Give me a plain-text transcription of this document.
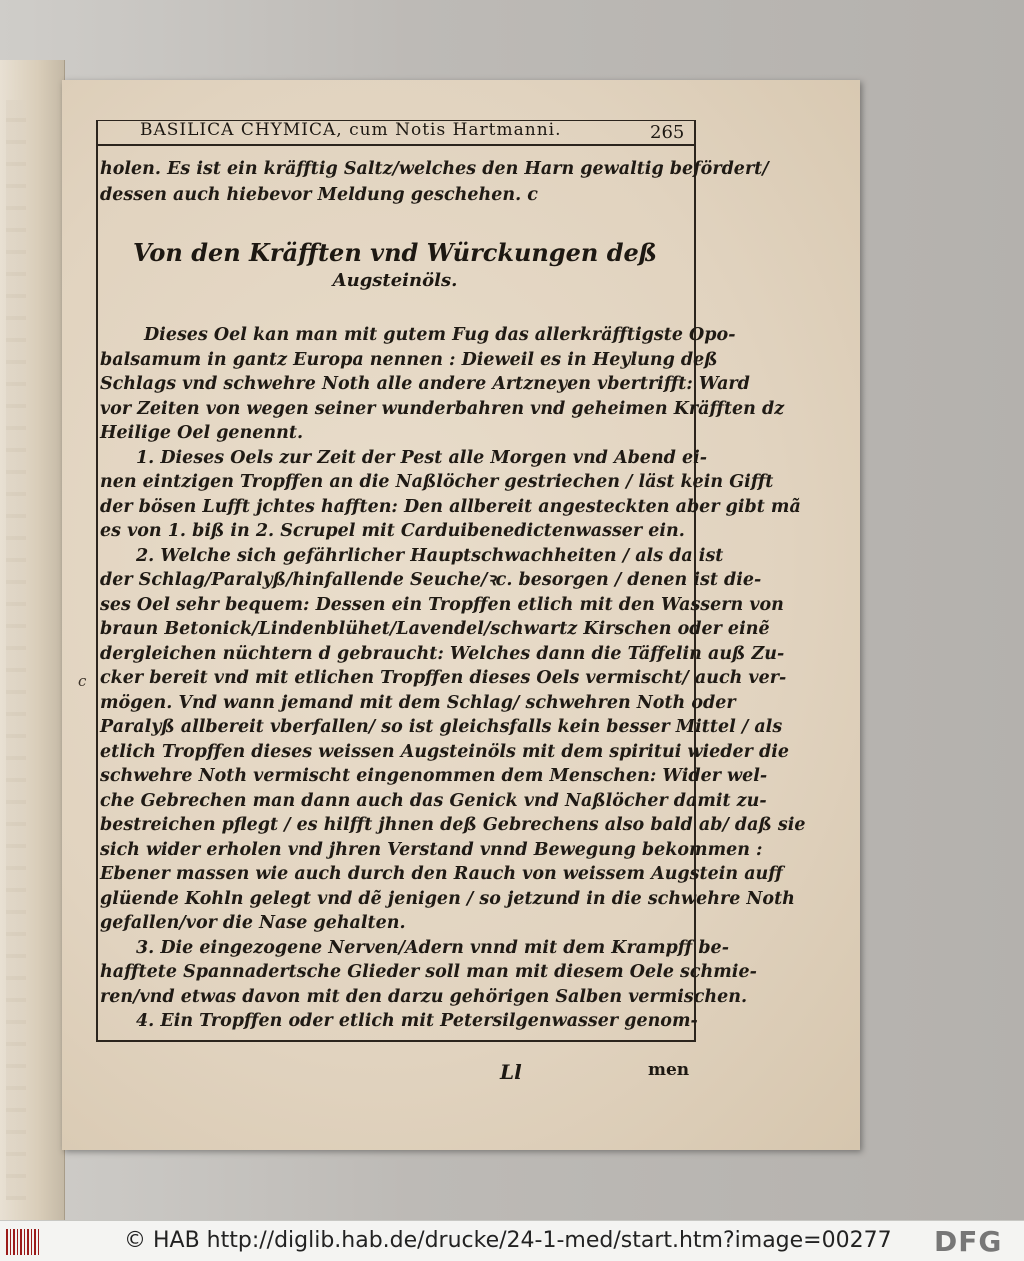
BASILICA CHYMICA, cum Notis Hartmanni.	265
holen. Es ist ein kräfftig Saltz/welches den Harn gewaltig befördert/
dessen auch hiebevor Meldung geschehen. c
Von den Kräfften vnd Würckungen deß
Augsteinöls.
Dieses Oel kan man mit gutem Fug das allerkräfftigste Opo-
balsamum in gantz Europa nennen : Dieweil es in Heylung deß
Schlags vnd schwehre Noth alle andere Artzneyen vbertrifft: Ward
vor Zeiten von wegen seiner wunderbahren vnd geheimen Kräfften dz
Heilige Oel genennt.
1. Dieses Oels zur Zeit der Pest alle Morgen vnd Abend ei-
nen eintzigen Tropffen an die Naßlöcher gestriechen / läst kein Gifft
der bösen Lufft jchtes hafften: Den allbereit angesteckten aber gibt mã
es von 1. biß in 2. Scrupel mit Carduibenedictenwasser ein.
2. Welche sich gefährlicher Hauptschwachheiten / als da ist
der Schlag/Paralyß/hinfallende Seuche/ꝛc. besorgen / denen ist die-
ses Oel sehr bequem: Dessen ein Tropffen etlich mit den Wassern von
braun Betonick/Lindenblühet/Lavendel/schwartz Kirschen oder einẽ
dergleichen nüchtern d gebraucht: Welches dann die Täffelin auß Zu-
cker bereit vnd mit etlichen Tropffen dieses Oels vermischt/ auch ver-
mögen. Vnd wann jemand mit dem Schlag/ schwehren Noth oder
Paralyß allbereit vberfallen/ so ist gleichsfalls kein besser Mittel / als
etlich Tropffen dieses weissen Augsteinöls mit dem spiritui wieder die
schwehre Noth vermischt eingenommen dem Menschen: Wider wel-
che Gebrechen man dann auch das Genick vnd Naßlöcher damit zu-
bestreichen pflegt / es hilfft jhnen deß Gebrechens also bald ab/ daß sie
sich wider erholen vnd jhren Verstand vnnd Bewegung bekommen :
Ebener massen wie auch durch den Rauch von weissem Augstein auff
glüende Kohln gelegt vnd dẽ jenigen / so jetzund in die schwehre Noth
gefallen/vor die Nase gehalten.
3. Die eingezogene Nerven/Adern vnnd mit dem Krampff be-
hafftete Spannadertsche Glieder soll man mit diesem Oele schmie-
ren/vnd etwas davon mit den darzu gehörigen Salben vermischen.
4. Ein Tropffen oder etlich mit Petersilgenwasser genom-
c
Ll	men
© HAB http://diglib.hab.de/drucke/24-1-med/start.htm?image=00277 DFG
